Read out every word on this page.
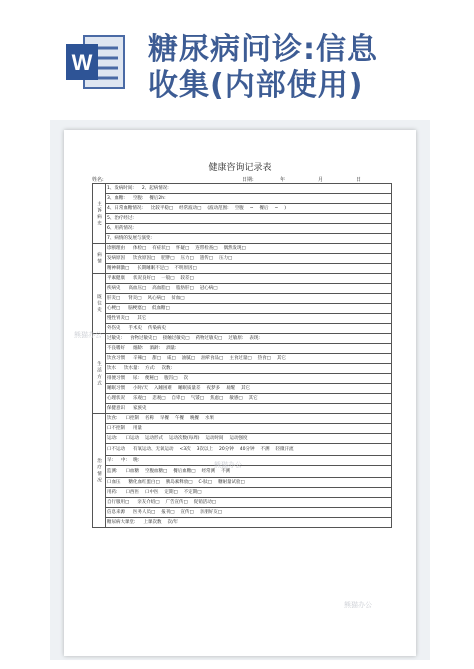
W 糖尿病问诊:信息
收集(内部使用)
健康咨询记录表
姓名:	日期:	年	月	日
主诉病史	1、发病时间: 2、起病情况:
	3、血糖: 空腹: 餐后2h:
	4、日常血糖情况: 比较平稳□ 经常波动□ (波动范围: 空腹 ~ 餐后 ~ )
	5、治疗经过:
	6、用药情况:
	7、病情的发展与演变:
病情	诊断理由 体检□ 有症状□ 怀疑□ 连带检查□ 偶然发现□
	发病原因 饮食原因□ 肥胖□ 压力□ 遗传□ 压力□
	精神刺激□ 长期睡眠不足□ 不明原因□
既往史	平素健康 状况良好□ 一般□ 较差□
	疾病史 高血压□ 高血脂□ 脂肪肝□ 冠心病□
	肝炎□ 肾炎□ 风心病□ 贫血□
	心梗□ 脑梗塞□ 低血糖□
	慢性胃炎□ 其它
	外伤史 手术史 传染病史
生活方式	过敏史: 食物过敏史□ 接触过敏史□ 药物过敏史□ 过敏原: 表现:
	不良嗜好 烟龄: 酒龄: 酒量:
	饮食习惯 辛辣□ 甜□ 咸□ 油腻□ 油荤食品□ 主食过量□ 热食□ 其它
	饮水 饮水量: 方式: 次数:
	排便习惯 尿: 便秘□ 腹泻□ 次
	睡眠习惯 小时/天 入睡困难 睡眠质量差 夜梦多 易醒 其它
	心理状况 乐观□ 悲观□ 自卑□ 气馁□ 焦虑□ 敏感□ 其它
	保健意识 家族史
治疗情况	饮食: 口控制 名称 早餐 午餐 晚餐 水果
	口不控制 用量
	运动: 口运动 运动形式 运动次数(每周) 运动时间 运动强度
	口不运动 有氧运动、无氧运动 <3次 3次以上 20分钟 40分钟 不测 轻微汗流
	早: 中: 晚:
	监测: 口血糖 空腹血糖□ 餐后血糖□ 经常测 不测
	口血压 糖化血红蛋白□ 胰岛素释放□ C-肽□ 糖耐量试验□
	用药: 口西医 口中医 定期□ 不定期□
	自行服用□ 亲友介绍□ 广告宣传□ 促销活动□
	信息来源 医务人员□ 报刊□ 宣传□ 亲朋好友□
	糖尿病大课堂: 上课次数 次/年
熊猫办公
熊猫办公
熊猫办公
